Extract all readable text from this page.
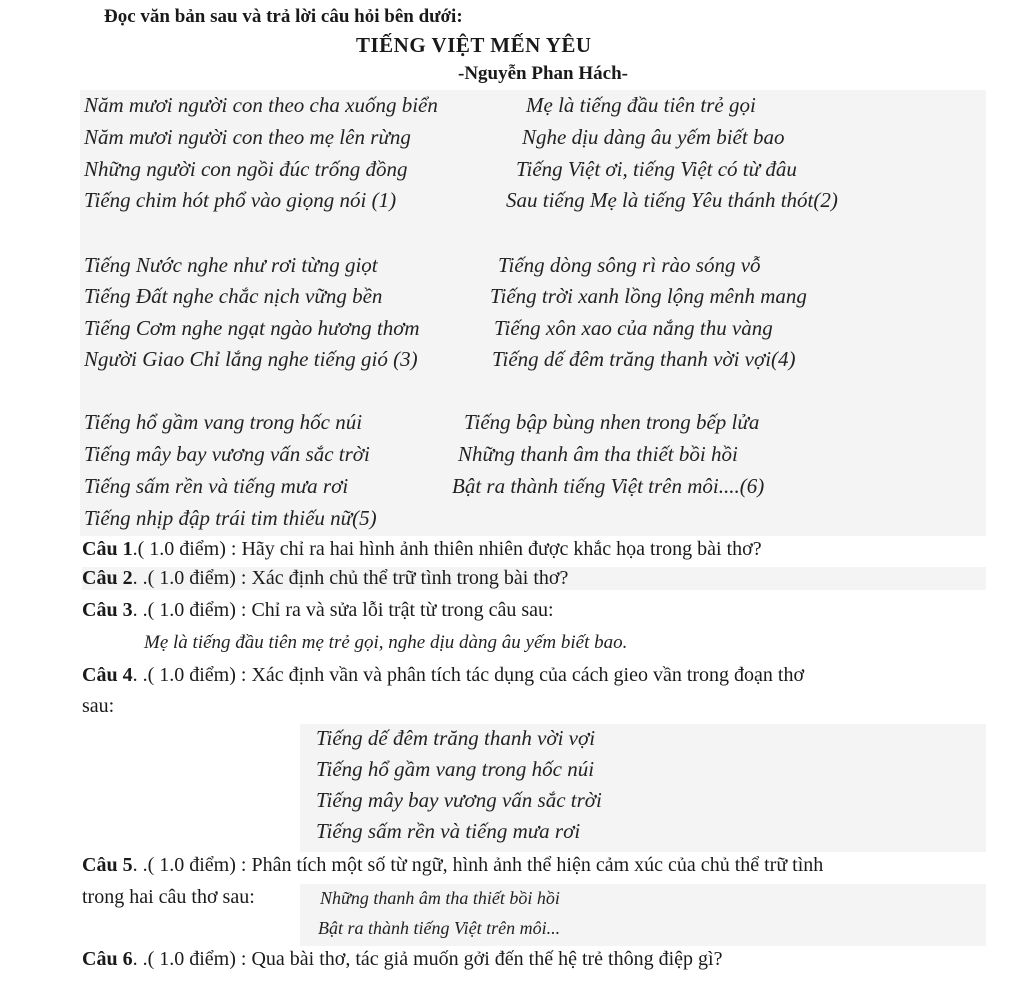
Đọc văn bản sau và trả lời câu hỏi bên dưới:
TIẾNG VIỆT MẾN YÊU
-Nguyễn Phan Hách-
Năm mươi người con theo cha xuống biển
Năm mươi người con theo mẹ lên rừng
Những người con ngồi đúc trống đồng
Tiếng chim hót phổ vào giọng nói (1)
Mẹ là tiếng đầu tiên trẻ gọi
Nghe dịu dàng âu yếm biết bao
Tiếng Việt ơi, tiếng Việt có từ đâu
Sau tiếng Mẹ là tiếng Yêu thánh thót(2)
Tiếng Nước nghe như rơi từng giọt
Tiếng Đất nghe chắc nịch vững bền
Tiếng Cơm nghe ngạt ngào hương thơm
Người Giao Chỉ lắng nghe tiếng gió (3)
Tiếng dòng sông rì rào sóng vỗ
Tiếng trời xanh lồng lộng mênh mang
Tiếng xôn xao của nắng thu vàng
Tiếng dế đêm trăng thanh vời vợi(4)
Tiếng hổ gầm vang trong hốc núi
Tiếng mây bay vương vấn sắc trời
Tiếng sấm rền và tiếng mưa rơi
Tiếng nhịp đập trái tim thiếu nữ(5)
Tiếng bập bùng nhen trong bếp lửa
Những thanh âm tha thiết bồi hồi
Bật ra thành tiếng Việt trên môi....(6)
Câu 1.( 1.0 điểm) : Hãy chỉ ra hai hình ảnh thiên nhiên được khắc họa trong bài thơ?
Câu 2. .( 1.0 điểm) : Xác định chủ thể trữ tình trong bài thơ?
Câu 3. .( 1.0 điểm) : Chỉ ra và sửa lỗi trật từ trong câu sau:
Mẹ là tiếng đầu tiên mẹ trẻ gọi, nghe dịu dàng âu yếm biết bao.
Câu 4. .( 1.0 điểm) : Xác định vần và phân tích tác dụng của cách gieo vần trong đoạn thơ
sau:
Tiếng dế đêm trăng thanh vời vợi
Tiếng hổ gầm vang trong hốc núi
Tiếng mây bay vương vấn sắc trời
Tiếng sấm rền và tiếng mưa rơi
Câu 5. .( 1.0 điểm) : Phân tích một số từ ngữ, hình ảnh thể hiện cảm xúc của chủ thể trữ tình
trong hai câu thơ sau:	Những thanh âm tha thiết bồi hồi
Bật ra thành tiếng Việt trên môi...
Câu 6. .( 1.0 điểm) : Qua bài thơ, tác giả muốn gởi đến thế hệ trẻ thông điệp gì?
